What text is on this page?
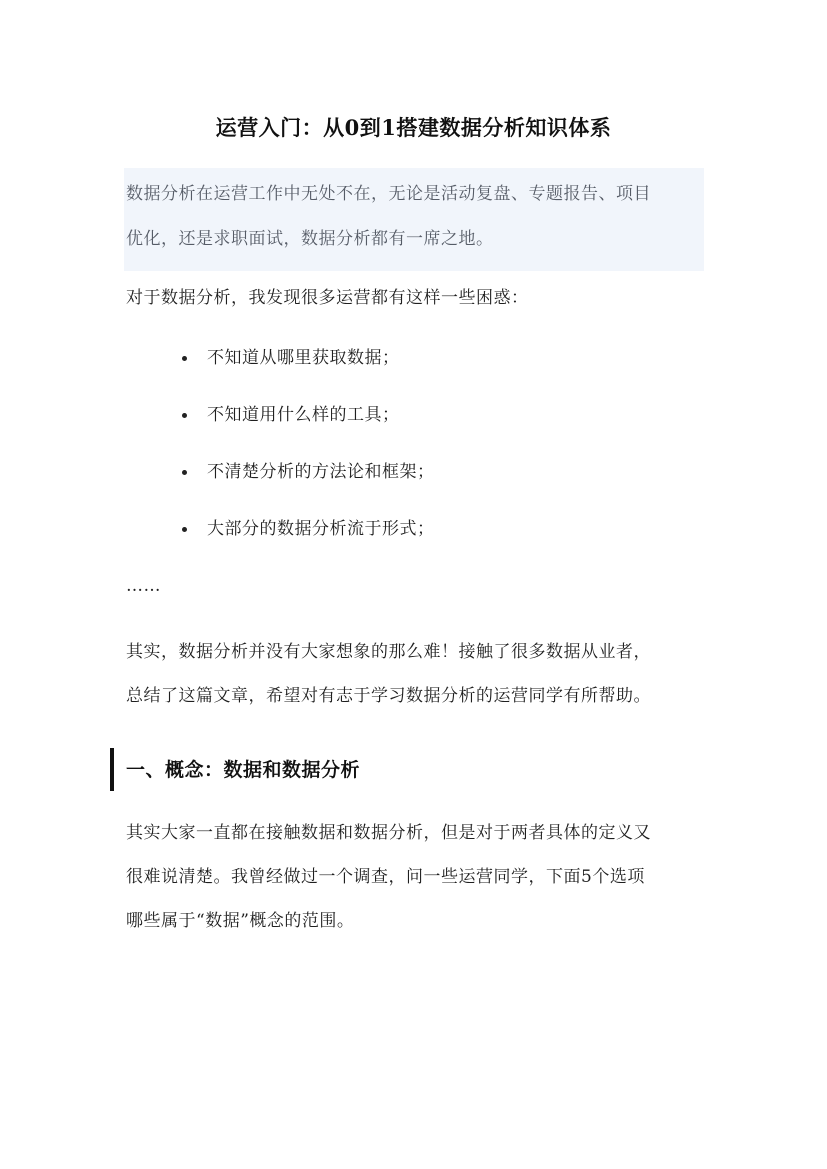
运营入门：从0到1搭建数据分析知识体系

数据分析在运营工作中无处不在，无论是活动复盘、专题报告、项目

优化，还是求职面试，数据分析都有一席之地。

对于数据分析，我发现很多运营都有这样一些困惑：

不知道从哪里获取数据；
不知道用什么样的工具；
不清楚分析的方法论和框架；
大部分的数据分析流于形式；

……

其实，数据分析并没有大家想象的那么难！接触了很多数据从业者，

总结了这篇文章，希望对有志于学习数据分析的运营同学有所帮助。

一、概念：数据和数据分析

其实大家一直都在接触数据和数据分析，但是对于两者具体的定义又

很难说清楚。我曾经做过一个调查，问一些运营同学，下面5个选项

哪些属于“数据”概念的范围。
